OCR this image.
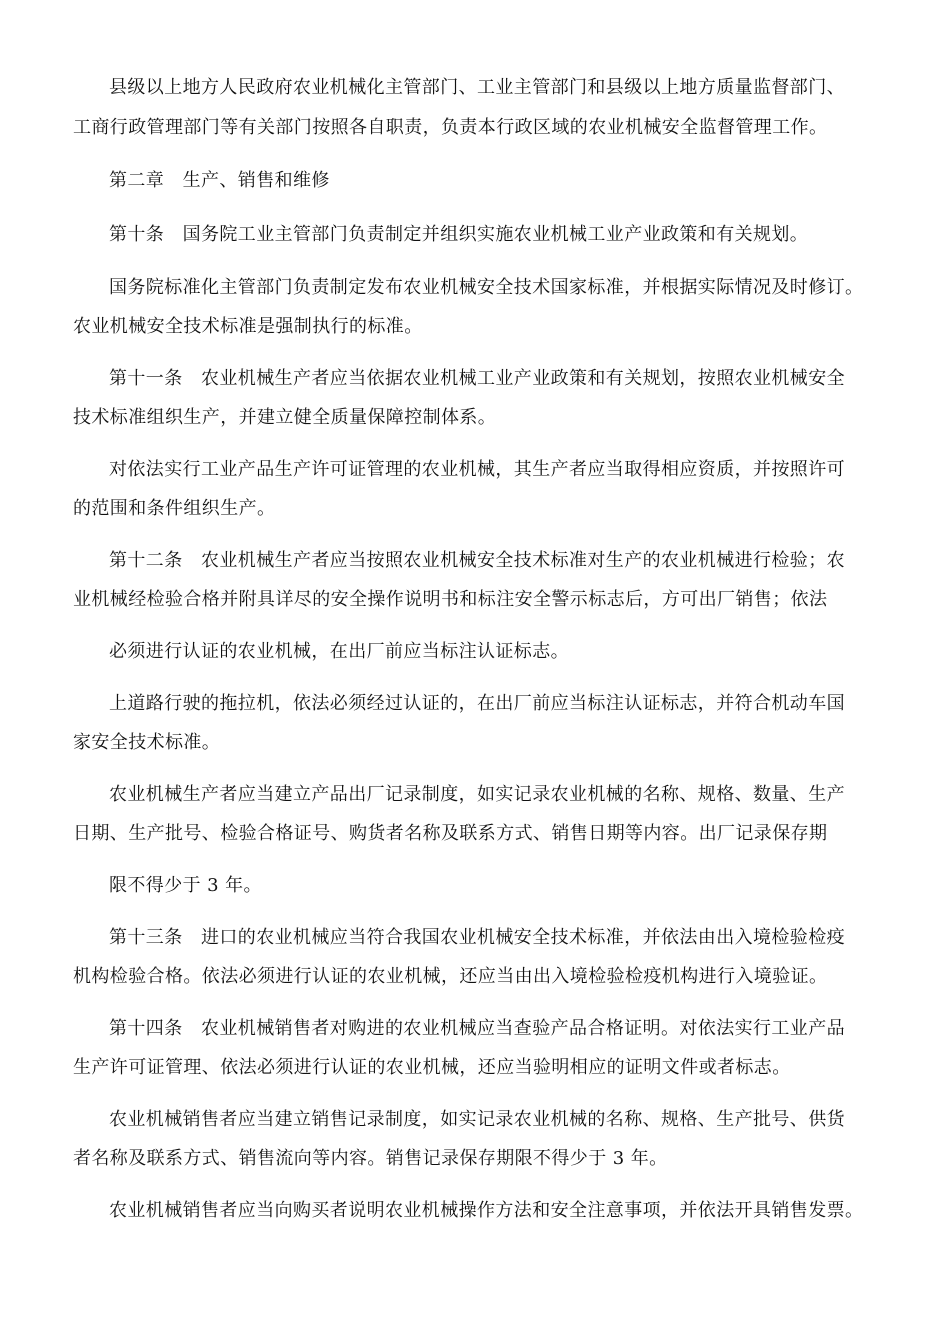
县级以上地方人民政府农业机械化主管部门、工业主管部门和县级以上地方质量监督部门、
工商行政管理部门等有关部门按照各自职责，负责本行政区域的农业机械安全监督管理工作。
第二章　生产、销售和维修
第十条　国务院工业主管部门负责制定并组织实施农业机械工业产业政策和有关规划。
国务院标准化主管部门负责制定发布农业机械安全技术国家标准，并根据实际情况及时修订。
农业机械安全技术标准是强制执行的标准。
第十一条　农业机械生产者应当依据农业机械工业产业政策和有关规划，按照农业机械安全
技术标准组织生产，并建立健全质量保障控制体系。
对依法实行工业产品生产许可证管理的农业机械，其生产者应当取得相应资质，并按照许可
的范围和条件组织生产。
第十二条　农业机械生产者应当按照农业机械安全技术标准对生产的农业机械进行检验；农
业机械经检验合格并附具详尽的安全操作说明书和标注安全警示标志后，方可出厂销售；依法
必须进行认证的农业机械，在出厂前应当标注认证标志。
上道路行驶的拖拉机，依法必须经过认证的，在出厂前应当标注认证标志，并符合机动车国
家安全技术标准。
农业机械生产者应当建立产品出厂记录制度，如实记录农业机械的名称、规格、数量、生产
日期、生产批号、检验合格证号、购货者名称及联系方式、销售日期等内容。出厂记录保存期
限不得少于 3 年。
第十三条　进口的农业机械应当符合我国农业机械安全技术标准，并依法由出入境检验检疫
机构检验合格。依法必须进行认证的农业机械，还应当由出入境检验检疫机构进行入境验证。
第十四条　农业机械销售者对购进的农业机械应当查验产品合格证明。对依法实行工业产品
生产许可证管理、依法必须进行认证的农业机械，还应当验明相应的证明文件或者标志。
农业机械销售者应当建立销售记录制度，如实记录农业机械的名称、规格、生产批号、供货
者名称及联系方式、销售流向等内容。销售记录保存期限不得少于 3 年。
农业机械销售者应当向购买者说明农业机械操作方法和安全注意事项，并依法开具销售发票。
